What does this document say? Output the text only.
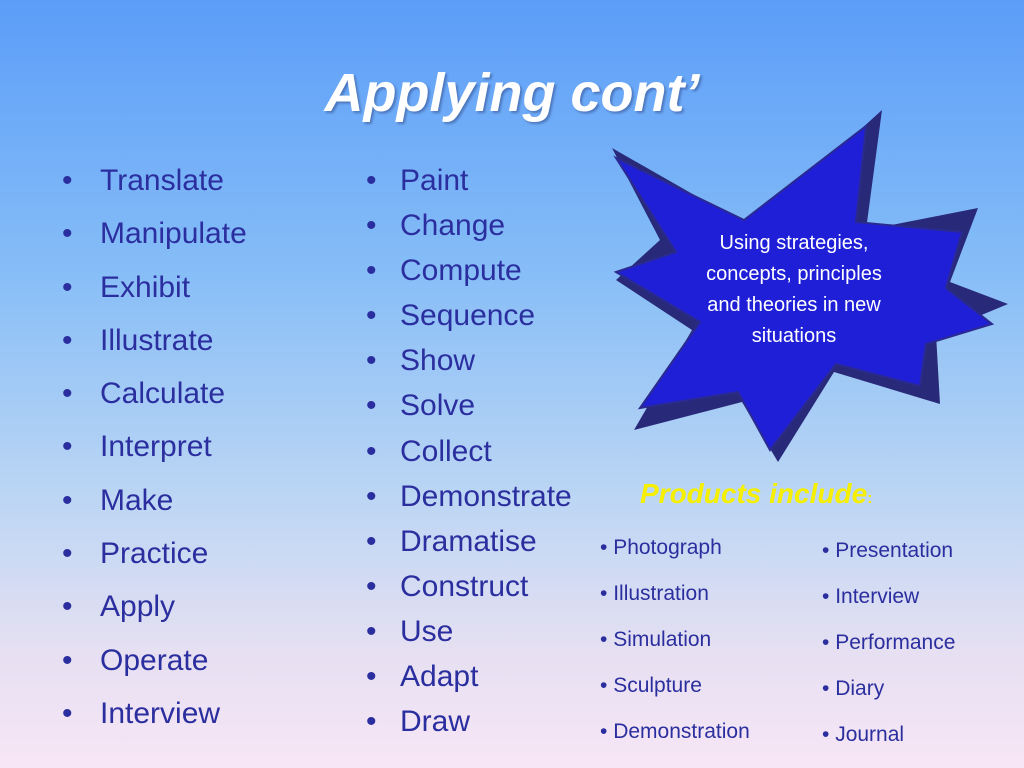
Applying cont’
• Translate
• Manipulate
• Exhibit
• Illustrate
• Calculate
• Interpret
• Make
• Practice
• Apply
• Operate
• Interview
• Paint
• Change
• Compute
• Sequence
• Show
• Solve
• Collect
• Demonstrate
• Dramatise
• Construct
• Use
• Adapt
• Draw
Using strategies,
concepts, principles
and theories in new
situations
Products include:
• Photograph
• Illustration
• Simulation
• Sculpture
• Demonstration
• Presentation
• Interview
• Performance
• Diary
• Journal
